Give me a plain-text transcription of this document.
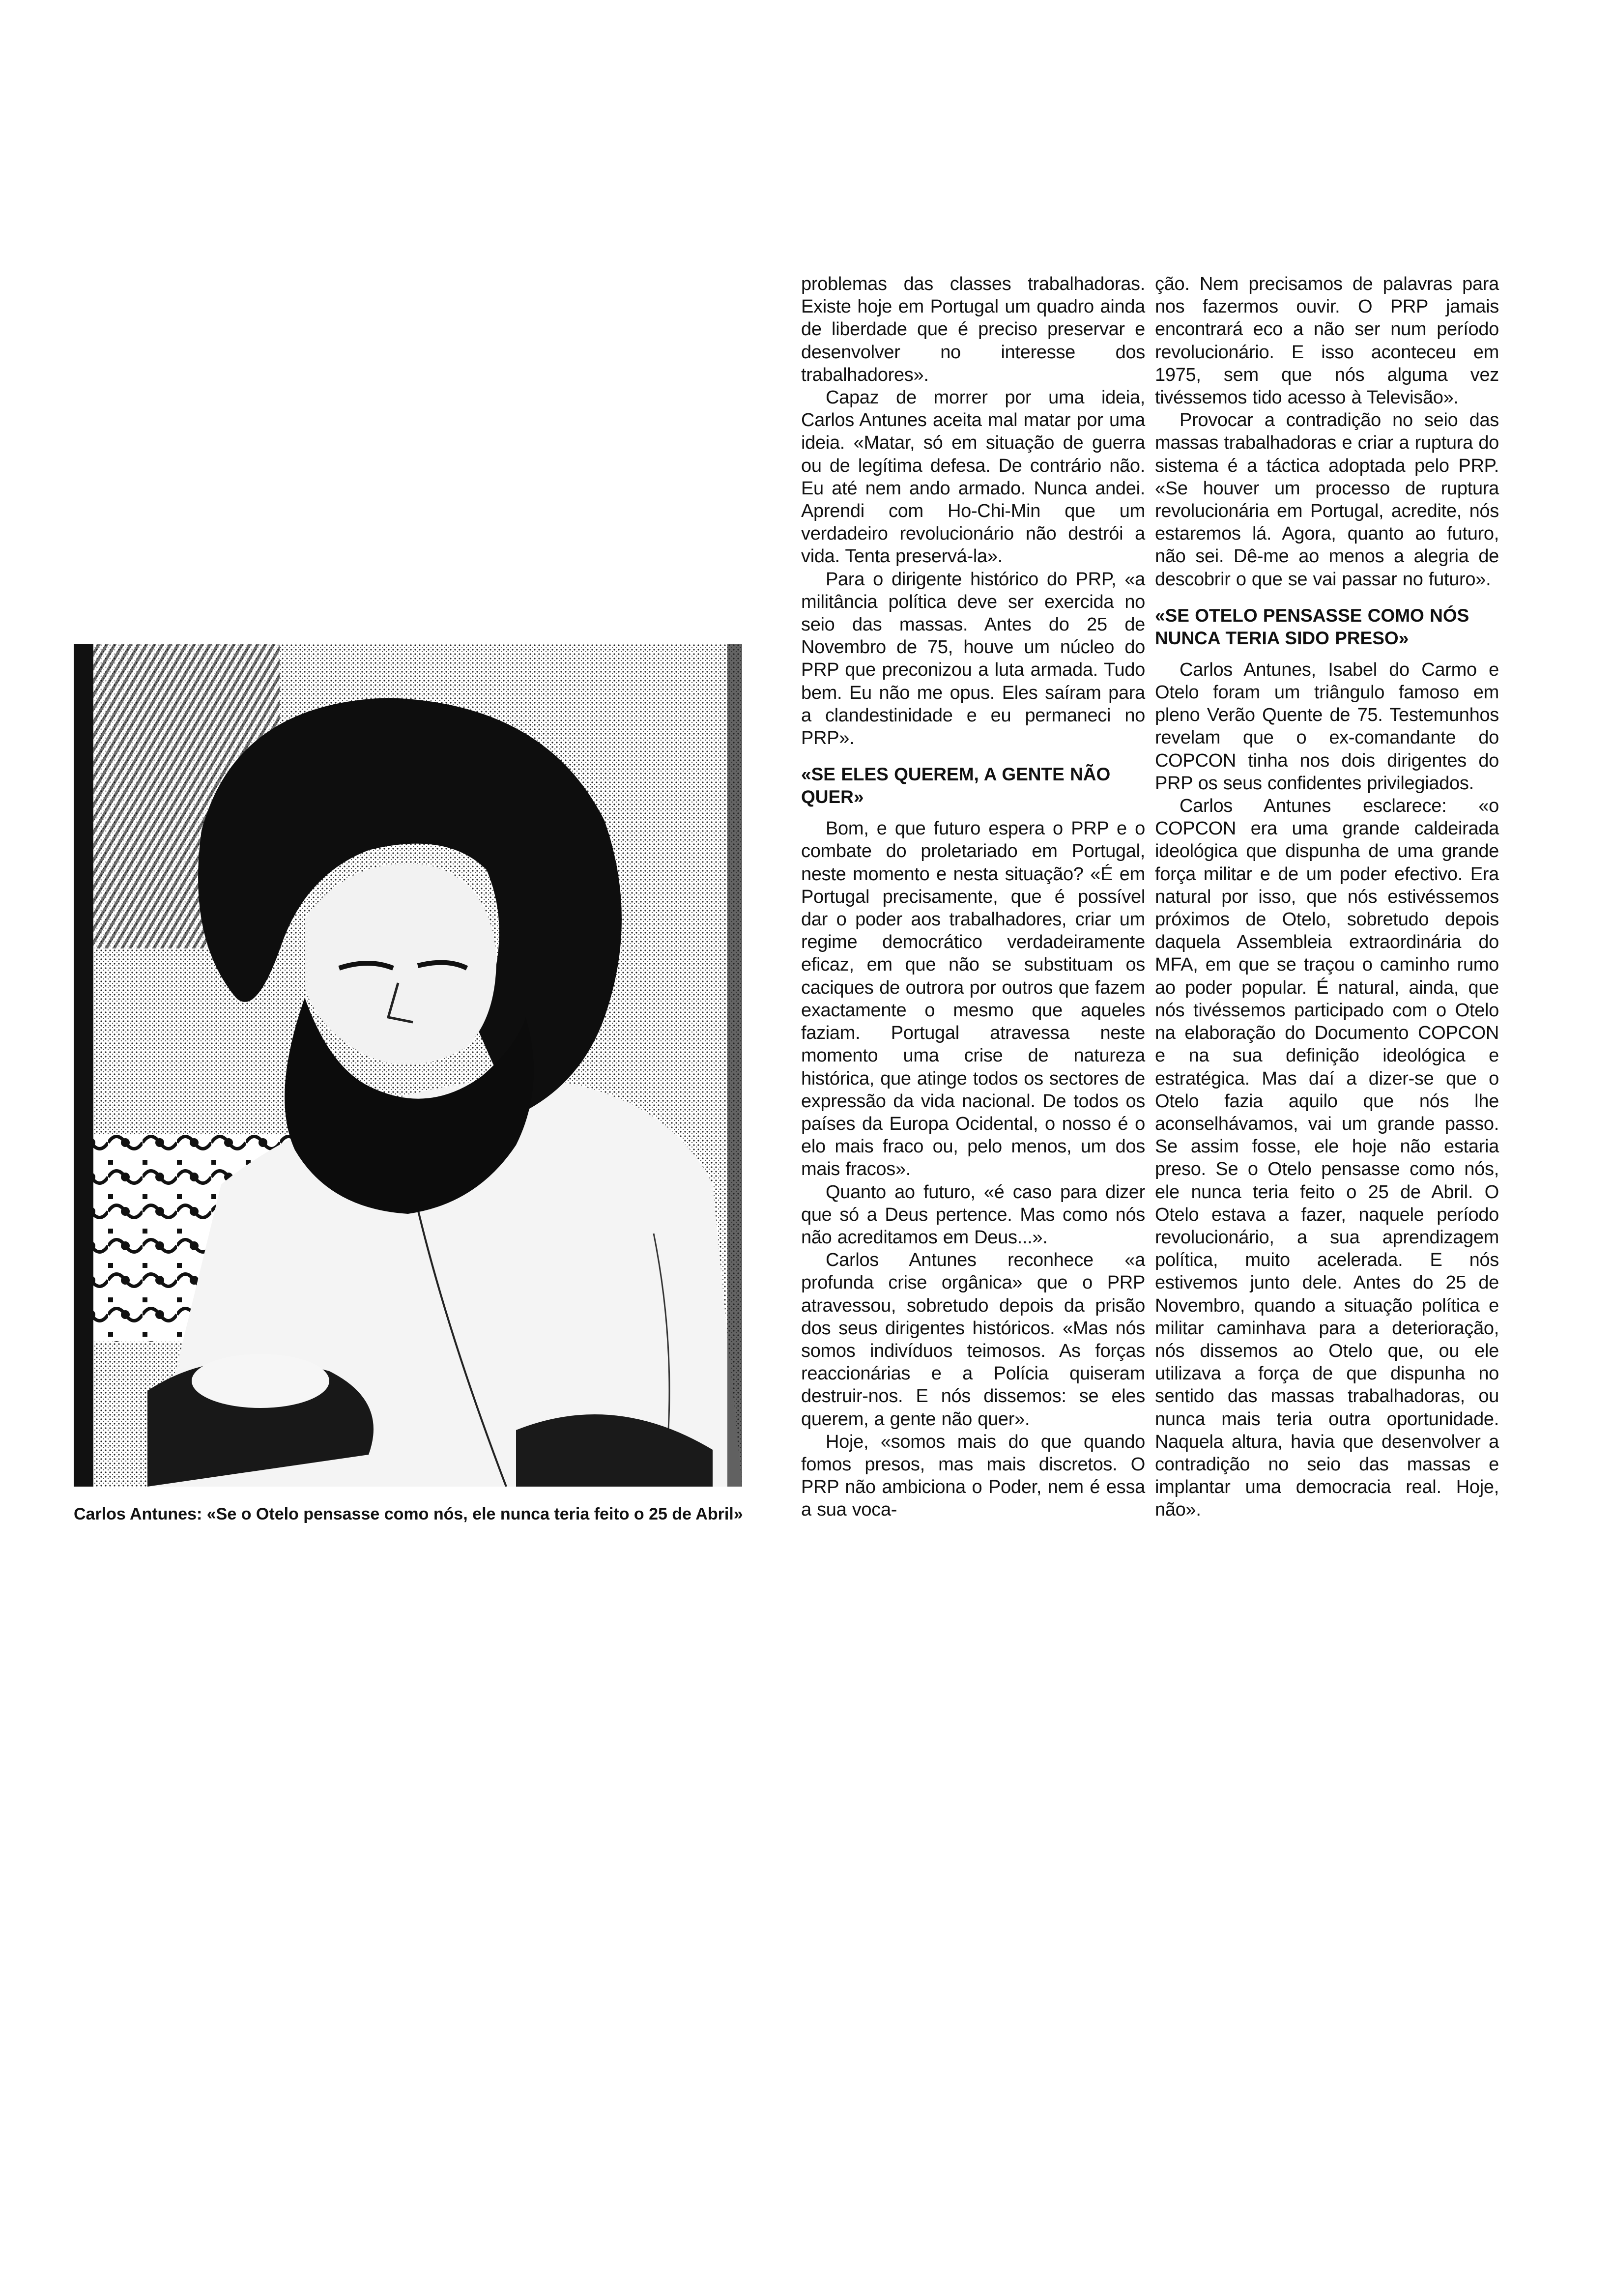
Carlos Antunes: «Se o Otelo pensasse como nós, ele nunca teria feito o 25 de Abril»

problemas das classes trabalhadoras. Existe hoje em Portugal um quadro ainda de liberdade que é preciso preservar e desenvolver no interesse dos trabalhadores».

Capaz de morrer por uma ideia, Carlos Antunes aceita mal matar por uma ideia. «Matar, só em situação de guerra ou de legítima defesa. De contrário não. Eu até nem ando armado. Nunca andei. Aprendi com Ho-Chi-Min que um verdadeiro revolucionário não destrói a vida. Tenta preservá-la».

Para o dirigente histórico do PRP, «a militância política deve ser exercida no seio das massas. Antes do 25 de Novembro de 75, houve um núcleo do PRP que preconizou a luta armada. Tudo bem. Eu não me opus. Eles saíram para a clandestinidade e eu permaneci no PRP».

«SE ELES QUEREM, A GENTE NÃO QUER»

Bom, e que futuro espera o PRP e o combate do proletariado em Portugal, neste momento e nesta situação? «É em Portugal precisamente, que é possível dar o poder aos trabalhadores, criar um regime democrático verdadeiramente eficaz, em que não se substituam os caciques de outrora por outros que fazem exactamente o mesmo que aqueles faziam. Portugal atravessa neste momento uma crise de natureza histórica, que atinge todos os sectores de expressão da vida nacional. De todos os países da Europa Ocidental, o nosso é o elo mais fraco ou, pelo menos, um dos mais fracos».

Quanto ao futuro, «é caso para dizer que só a Deus pertence. Mas como nós não acreditamos em Deus...».

Carlos Antunes reconhece «a profunda crise orgânica» que o PRP atravessou, sobretudo depois da prisão dos seus dirigentes históricos. «Mas nós somos indivíduos teimosos. As forças reaccionárias e a Polícia quiseram destruir-nos. E nós dissemos: se eles querem, a gente não quer».

Hoje, «somos mais do que quando fomos presos, mas mais discretos. O PRP não ambiciona o Poder, nem é essa a sua voca-

ção. Nem precisamos de palavras para nos fazermos ouvir. O PRP jamais encontrará eco a não ser num período revolucionário. E isso aconteceu em 1975, sem que nós alguma vez tivéssemos tido acesso à Televisão».

Provocar a contradição no seio das massas trabalhadoras e criar a ruptura do sistema é a táctica adoptada pelo PRP. «Se houver um processo de ruptura revolucionária em Portugal, acredite, nós estaremos lá. Agora, quanto ao futuro, não sei. Dê-me ao menos a alegria de descobrir o que se vai passar no futuro».

«SE OTELO PENSASSE COMO NÓS NUNCA TERIA SIDO PRESO»

Carlos Antunes, Isabel do Carmo e Otelo foram um triângulo famoso em pleno Verão Quente de 75. Testemunhos revelam que o ex-comandante do COPCON tinha nos dois dirigentes do PRP os seus confidentes privilegiados.

Carlos Antunes esclarece: «o COPCON era uma grande caldeirada ideológica que dispunha de uma grande força militar e de um poder efectivo. Era natural por isso, que nós estivéssemos próximos de Otelo, sobretudo depois daquela Assembleia extraordinária do MFA, em que se traçou o caminho rumo ao poder popular. É natural, ainda, que nós tivéssemos participado com o Otelo na elaboração do Documento COPCON e na sua definição ideológica e estratégica. Mas daí a dizer-se que o Otelo fazia aquilo que nós lhe aconselhávamos, vai um grande passo. Se assim fosse, ele hoje não estaria preso. Se o Otelo pensasse como nós, ele nunca teria feito o 25 de Abril. O Otelo estava a fazer, naquele período revolucionário, a sua aprendizagem política, muito acelerada. E nós estivemos junto dele. Antes do 25 de Novembro, quando a situação política e militar caminhava para a deterioração, nós dissemos ao Otelo que, ou ele utilizava a força de que dispunha no sentido das massas trabalhadoras, ou nunca mais teria outra oportunidade. Naquela altura, havia que desenvolver a contradição no seio das massas e implantar uma democracia real. Hoje, não».
